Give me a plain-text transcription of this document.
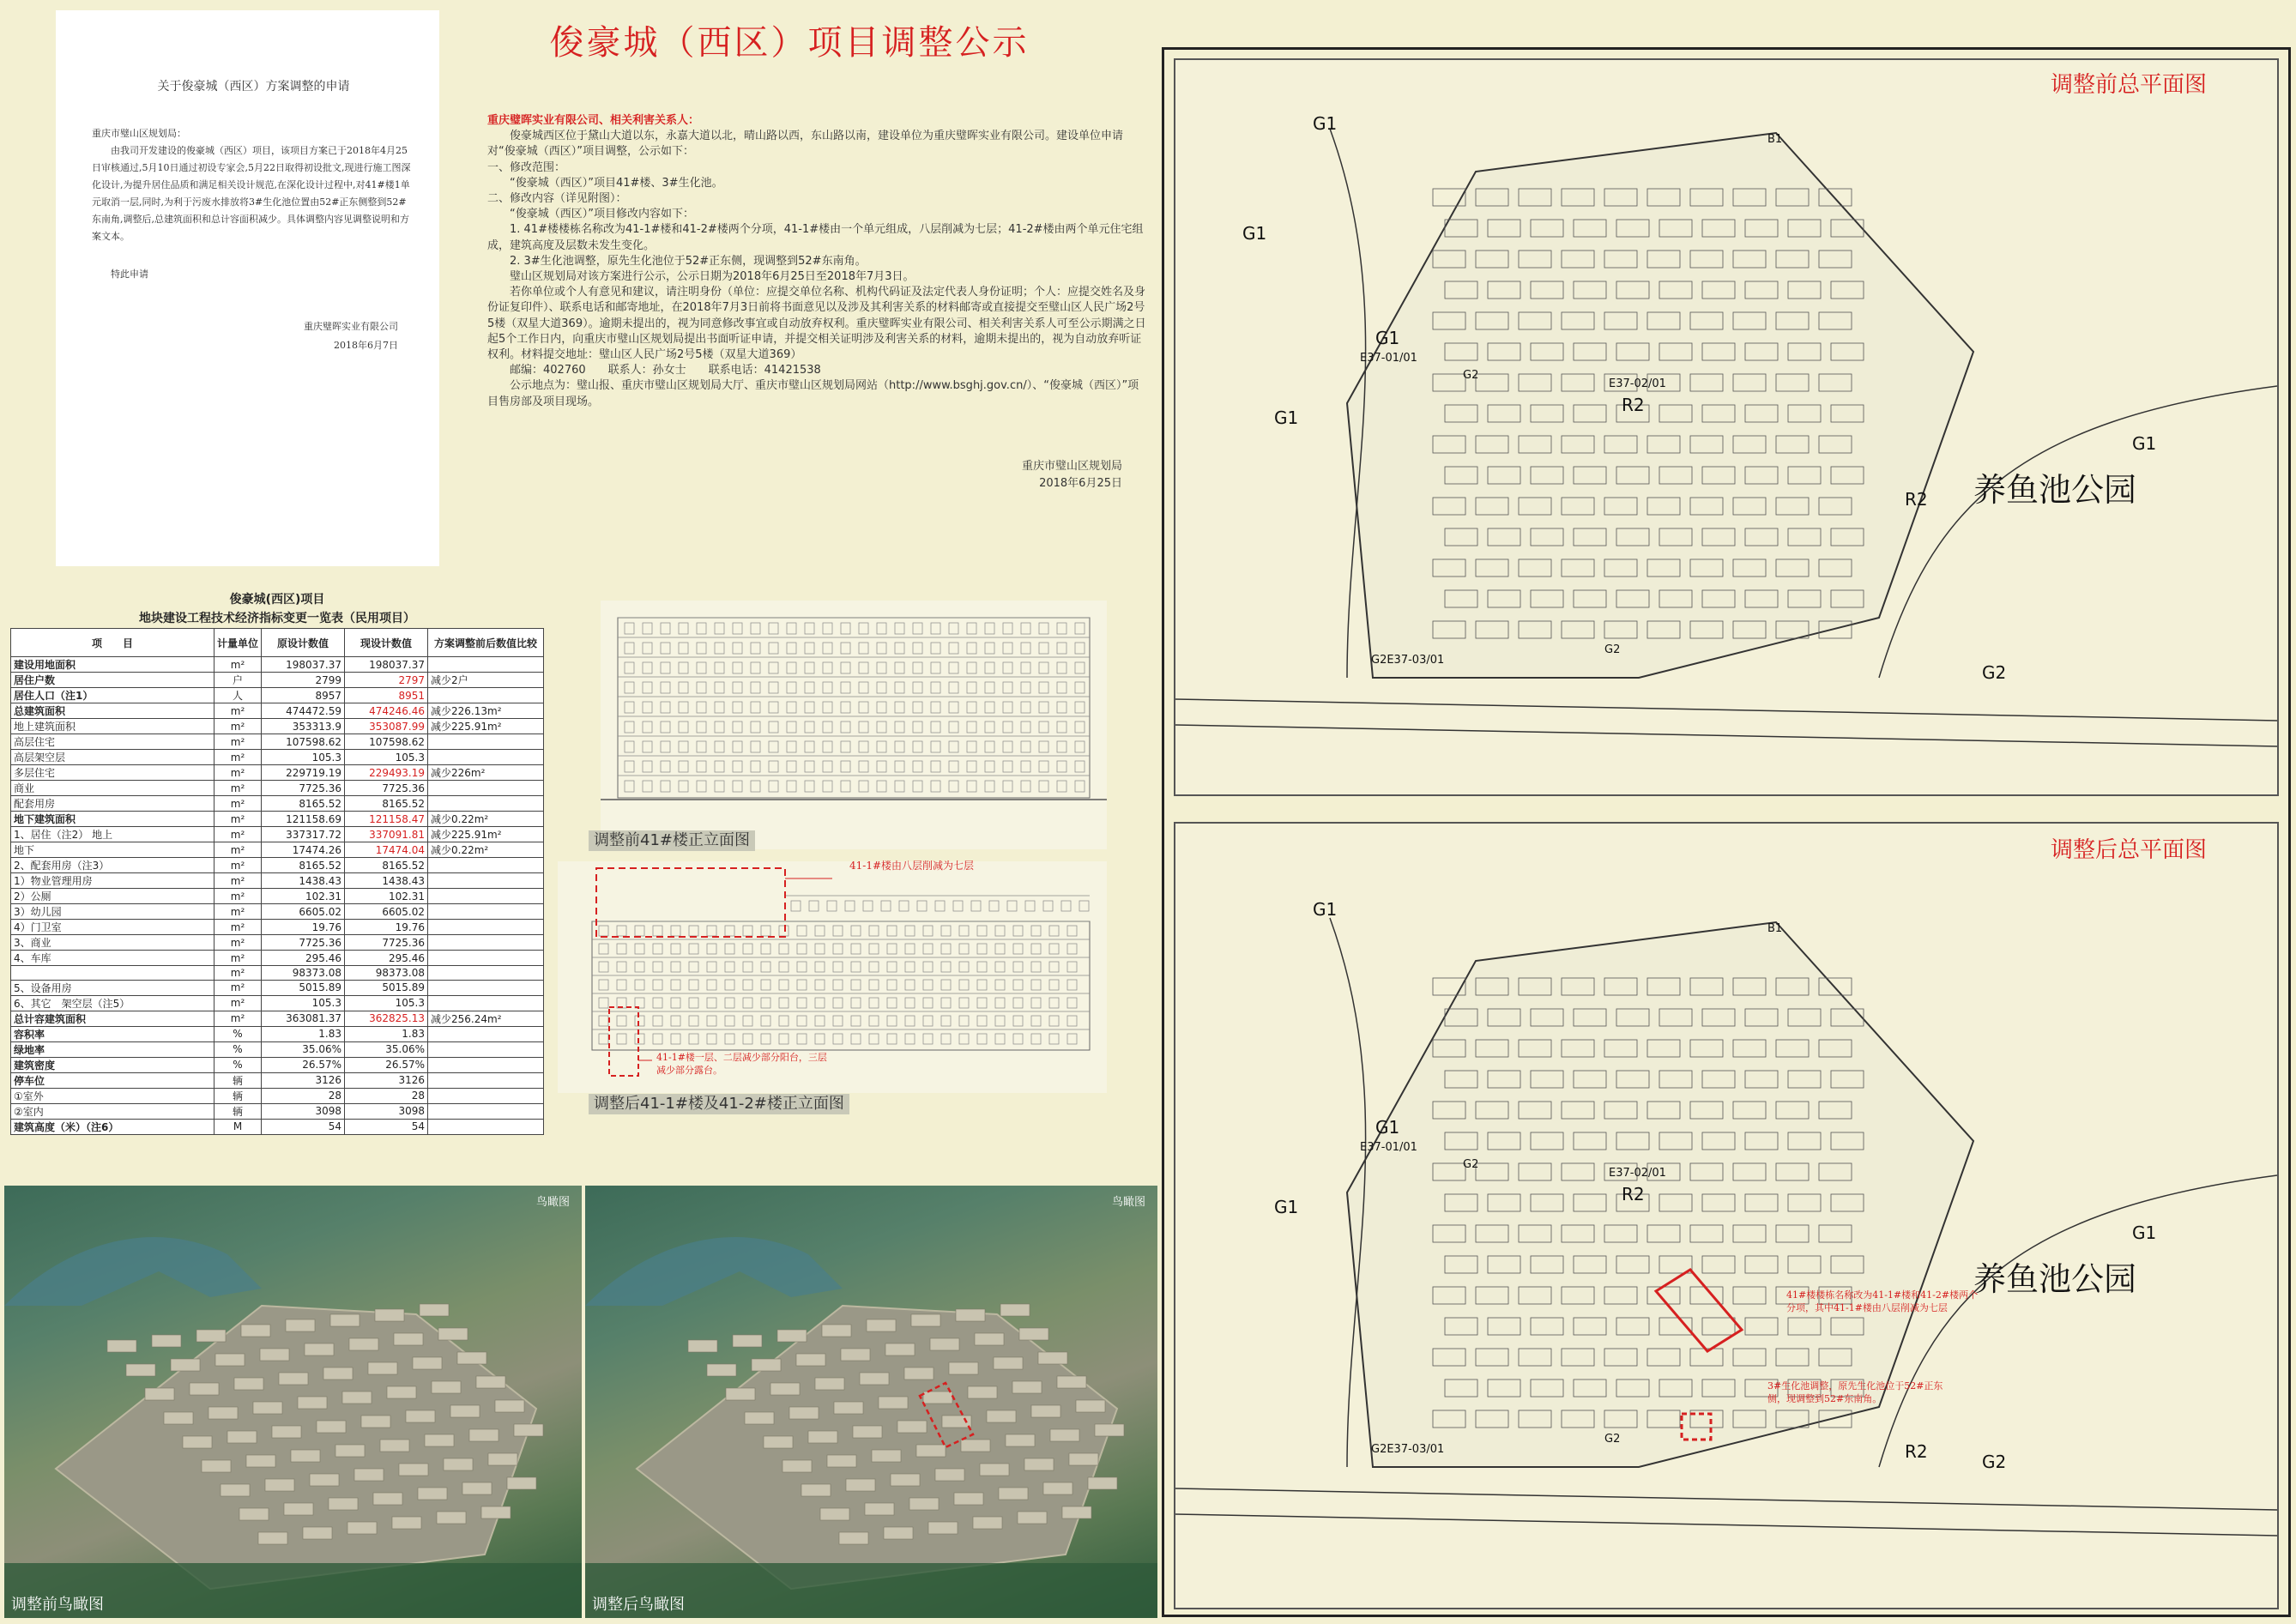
俊豪城（西区）项目调整公示
关于俊豪城（西区）方案调整的申请

重庆市璧山区规划局：

由我司开发建设的俊豪城（西区）项目，该项目方案已于2018年4月25日审核通过,5月10日通过初设专家会,5月22日取得初设批文,现进行施工图深化设计,为提升居住品质和满足相关设计规范,在深化设计过程中,对41#楼1单元取消一层,同时,为利于污废水排放将3#生化池位置由52#正东侧整到52#东南角,调整后,总建筑面积和总计容面积减少。具体调整内容见调整说明和方案文本。

特此申请

重庆璧晖实业有限公司
2018年6月7日

重庆璧晖实业有限公司、相关利害关系人：

俊豪城西区位于黛山大道以东，永嘉大道以北，晴山路以西，东山路以南，建设单位为重庆璧晖实业有限公司。建设单位申请对“俊豪城（西区）”项目调整，公示如下：

一、修改范围：

“俊豪城（西区）”项目41#楼、3#生化池。

二、修改内容（详见附图）：

“俊豪城（西区）”项目修改内容如下：

1. 41#楼楼栋名称改为41-1#楼和41-2#楼两个分项，41-1#楼由一个单元组成，八层削减为七层；41-2#楼由两个单元住宅组成，建筑高度及层数未发生变化。

2. 3#生化池调整，原先生化池位于52#正东侧，现调整到52#东南角。

璧山区规划局对该方案进行公示，公示日期为2018年6月25日至2018年7月3日。

若你单位或个人有意见和建议，请注明身份（单位：应提交单位名称、机构代码证及法定代表人身份证明；个人：应提交姓名及身份证复印件）、联系电话和邮寄地址，在2018年7月3日前将书面意见以及涉及其利害关系的材料邮寄或直接提交至璧山区人民广场2号5楼（双星大道369）。逾期未提出的，视为同意修改事宜或自动放弃权利。重庆璧晖实业有限公司、相关利害关系人可至公示期满之日起5个工作日内，向重庆市璧山区规划局提出书面听证申请，并提交相关证明涉及利害关系的材料，逾期未提出的，视为自动放弃听证权利。材料提交地址：璧山区人民广场2号5楼（双星大道369）

邮编：402760　　联系人：孙女士　　联系电话：41421538

公示地点为：璧山报、重庆市璧山区规划局大厅、重庆市璧山区规划局网站（http://www.bsghj.gov.cn/）、“俊豪城（西区）”项目售房部及项目现场。

重庆市璧山区规划局
2018年6月25日
俊豪城(西区)项目
地块建设工程技术经济指标变更一览表（民用项目）
项　　目	计量单位	原设计数值	现设计数值	方案调整前后数值比较
建设用地面积	m²	198037.37	198037.37	
居住户数	户	2799	2797	减少2户
居住人口（注1）	人	8957	8951	
总建筑面积	m²	474472.59	474246.46	减少226.13m²
地上建筑面积	m²	353313.9	353087.99	减少225.91m²
高层住宅	m²	107598.62	107598.62	
高层架空层	m²	105.3	105.3	
多层住宅	m²	229719.19	229493.19	减少226m²
商业	m²	7725.36	7725.36	
配套用房	m²	8165.52	8165.52	
地下建筑面积	m²	121158.69	121158.47	减少0.22m²
1、居住（注2） 地上	m²	337317.72	337091.81	减少225.91m²
地下	m²	17474.26	17474.04	减少0.22m²
2、配套用房（注3）	m²	8165.52	8165.52	
1）物业管理用房	m²	1438.43	1438.43	
2）公厕	m²	102.31	102.31	
3）幼儿园	m²	6605.02	6605.02	
4）门卫室	m²	19.76	19.76	
3、商业	m²	7725.36	7725.36	
4、车库	m²	295.46	295.46	
	m²	98373.08	98373.08	
5、设备用房	m²	5015.89	5015.89	
6、其它　架空层（注5）	m²	105.3	105.3	
总计容建筑面积	m²	363081.37	362825.13	减少256.24m²
容积率	%	1.83	1.83	
绿地率	%	35.06%	35.06%	
建筑密度	%	26.57%	26.57%	
停车位	辆	3126	3126	
①室外	辆	28	28	
②室内	辆	3098	3098	
建筑高度（米）（注6）	M	54	54	
调整前41#楼正立面图
41-1#楼由八层削减为七层
41-1#楼一层、二层减少部分阳台，三层减少部分露台。
调整后41-1#楼及41-2#楼正立面图
鸟瞰图
调整前鸟瞰图
鸟瞰图
调整后鸟瞰图
调整前总平面图
养鱼池公园
G1
G1
G1
G1
G1
B1
R2
R2
G2
G2
G2
E37-01/01
E37-02/01
G2E37-03/01
调整后总平面图
养鱼池公园
41#楼楼栋名称改为41-1#楼和41-2#楼两个分项，其中41-1#楼由八层削减为七层
3#生化池调整，原先生化池位于52#正东侧，现调整到52#东南角。
G1
G1
G1
G1
B1
R2
R2
G2
G2
G2
E37-01/01
E37-02/01
G2E37-03/01
